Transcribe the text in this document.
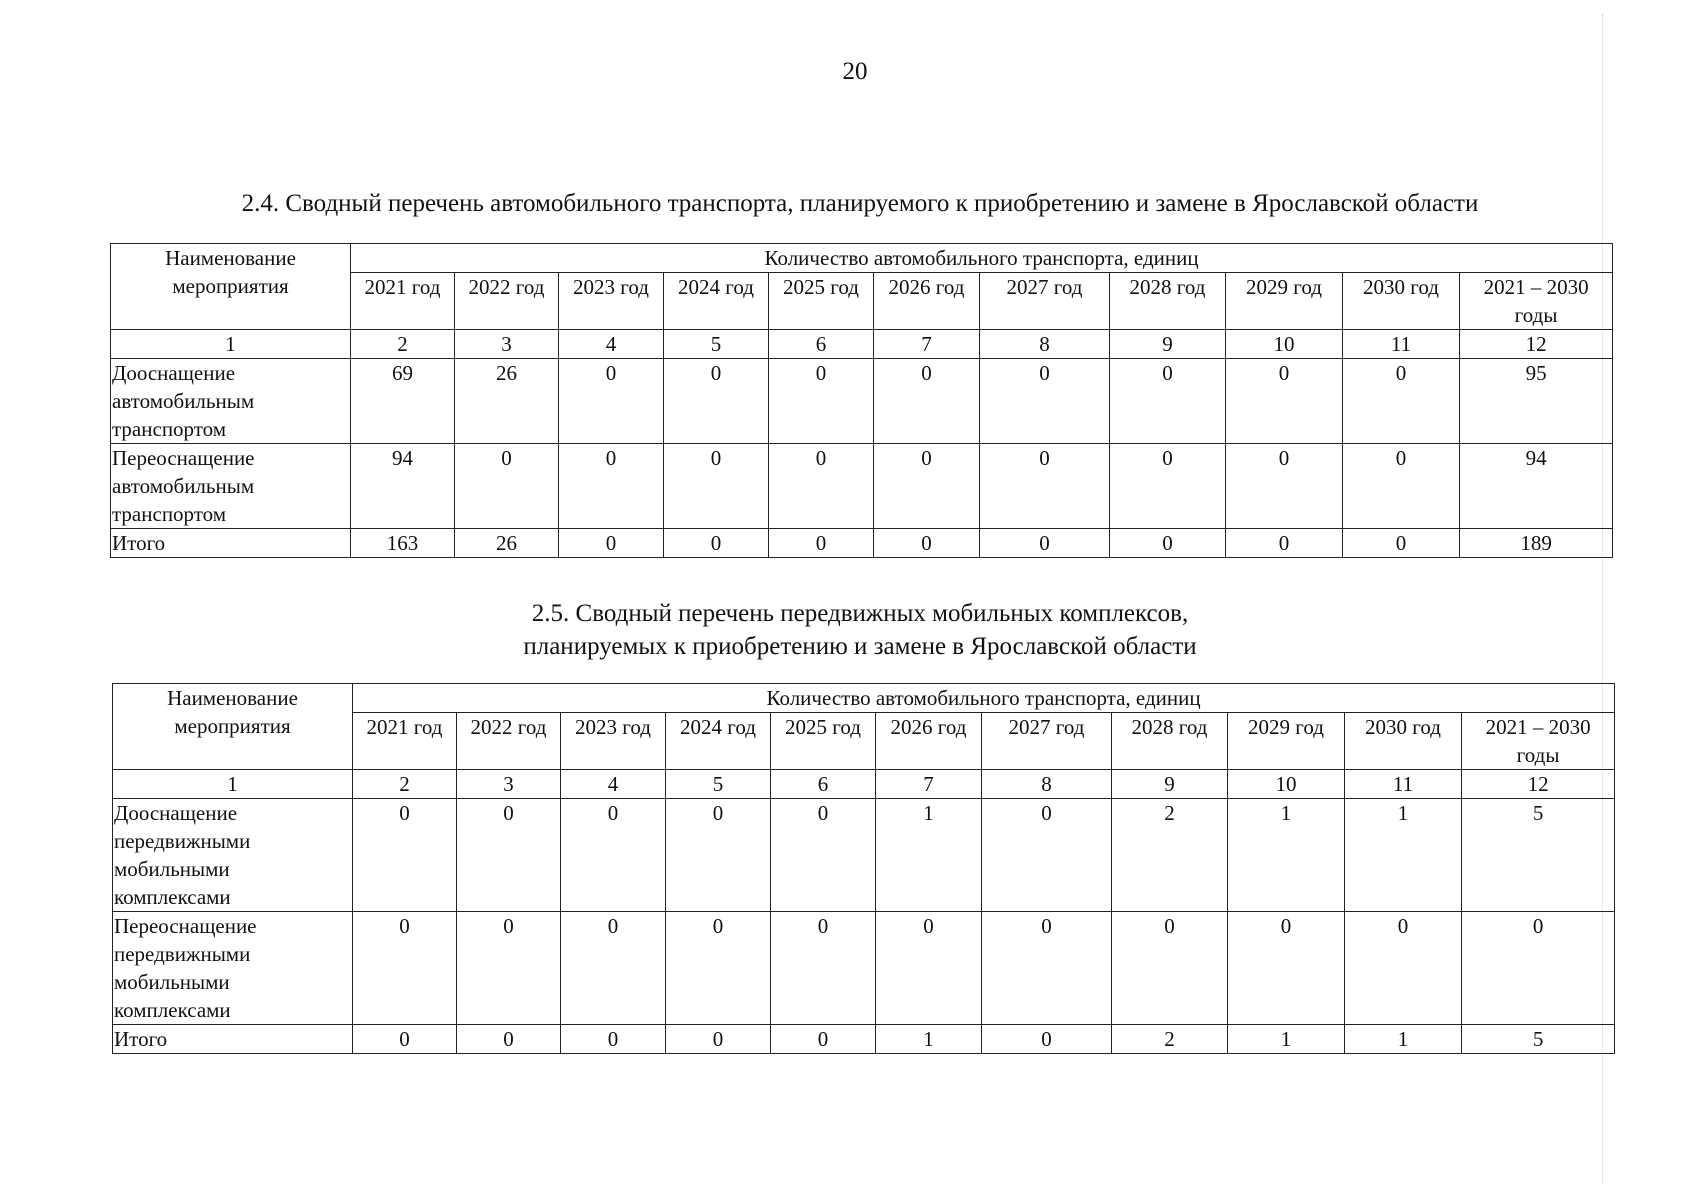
20
2.4. Сводный перечень автомобильного транспорта, планируемого к приобретению и замене в Ярославской области
Наименование мероприятия	Количество автомобильного транспорта, единиц										
	2021 год	2022 год	2023 год	2024 год	2025 год	2026 год	2027 год	2028 год	2029 год	2030 год	2021 – 2030 годы
1	2	3	4	5	6	7	8	9	10	11	12
Дооснащение автомобильным транспортом	69	26	0	0	0	0	0	0	0	0	95
Переоснащение автомобильным транспортом	94	0	0	0	0	0	0	0	0	0	94
Итого	163	26	0	0	0	0	0	0	0	0	189
2.5. Сводный перечень передвижных мобильных комплексов,
планируемых к приобретению и замене в Ярославской области
Наименование мероприятия	Количество автомобильного транспорта, единиц										
	2021 год	2022 год	2023 год	2024 год	2025 год	2026 год	2027 год	2028 год	2029 год	2030 год	2021 – 2030 годы
1	2	3	4	5	6	7	8	9	10	11	12
Дооснащение передвижными мобильными комплексами	0	0	0	0	0	1	0	2	1	1	5
Переоснащение передвижными мобильными комплексами	0	0	0	0	0	0	0	0	0	0	0
Итого	0	0	0	0	0	1	0	2	1	1	5
